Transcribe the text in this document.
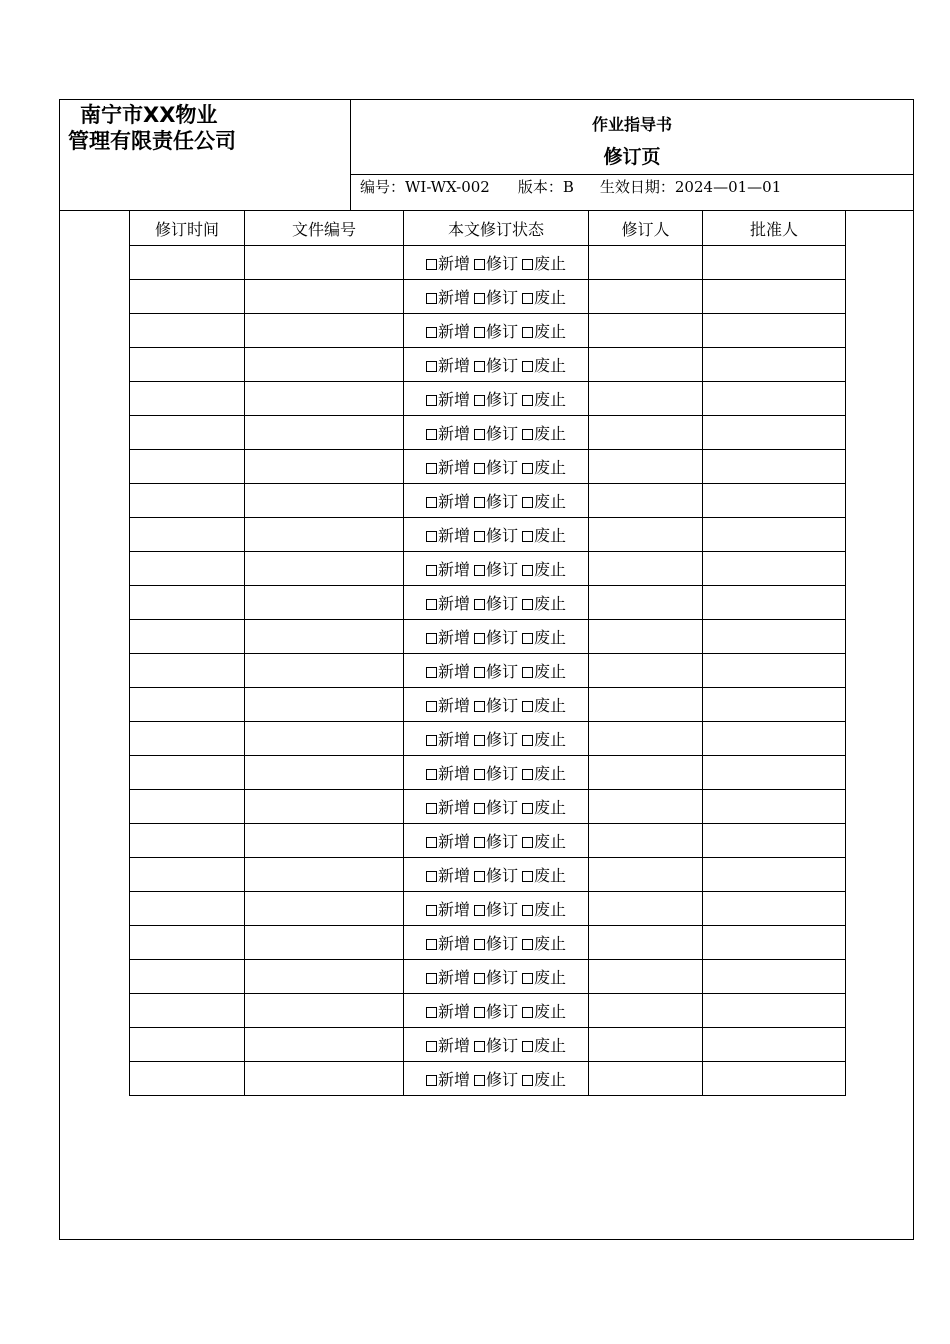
南宁市XX物业
管理有限责任公司
作业指导书
修订页
编号：WI-WX-002 版本：B 生效日期：2024—01—01
修订时间	文件编号	本文修订状态	修订人	批准人
		新增 修订 废止		
		新增 修订 废止		
		新增 修订 废止		
		新增 修订 废止		
		新增 修订 废止		
		新增 修订 废止		
		新增 修订 废止		
		新增 修订 废止		
		新增 修订 废止		
		新增 修订 废止		
		新增 修订 废止		
		新增 修订 废止		
		新增 修订 废止		
		新增 修订 废止		
		新增 修订 废止		
		新增 修订 废止		
		新增 修订 废止		
		新增 修订 废止		
		新增 修订 废止		
		新增 修订 废止		
		新增 修订 废止		
		新增 修订 废止		
		新增 修订 废止		
		新增 修订 废止		
		新增 修订 废止		
